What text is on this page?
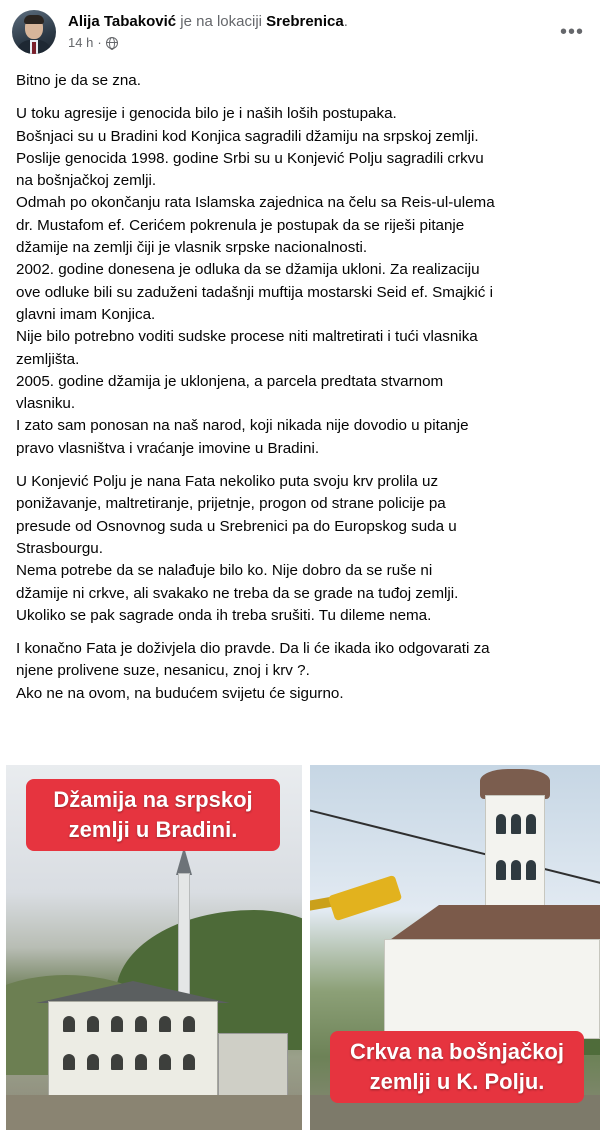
Alija Tabaković je na lokaciji Srebrenica.
14 h ·	•••

Bitno je da se zna.

U toku agresije i genocida bilo je i naših loših postupaka.
Bošnjaci su u Bradini kod Konjica sagradili džamiju na srpskoj zemlji.
Poslije genocida 1998. godine Srbi su u Konjević Polju sagradili crkvu
na bošnjačkoj zemlji.
Odmah po okončanju rata Islamska zajednica na čelu sa Reis-ul-ulema
dr. Mustafom ef. Cerićem pokrenula je postupak da se riješi pitanje
džamije na zemlji čiji je vlasnik srpske nacionalnosti.
2002. godine donesena je odluka da se džamija ukloni. Za realizaciju
ove odluke bili su zaduženi tadašnji muftija mostarski Seid ef. Smajkić i
glavni imam Konjica.
Nije bilo potrebno voditi sudske procese niti maltretirati i tući vlasnika
zemljišta.
2005. godine džamija je uklonjena, a parcela predtata stvarnom
vlasniku.
I zato sam ponosan na naš narod, koji nikada nije dovodio u pitanje
pravo vlasništva i vraćanje imovine u Bradini.

U Konjević Polju je nana Fata nekoliko puta svoju krv prolila uz
ponižavanje, maltretiranje, prijetnje, progon od strane policije pa
presude od Osnovnog suda u Srebrenici pa do Europskog suda u
Strasbourgu.
Nema potrebe da se nalađuje bilo ko. Nije dobro da se ruše ni
džamije ni crkve, ali svakako ne treba da se grade na tuđoj zemlji.
Ukoliko se pak sagrade onda ih treba srušiti. Tu dileme nema.

I konačno Fata je doživjela dio pravde. Da li će ikada iko odgovarati za
njene prolivene suze, nesanicu, znoj i krv ?.
Ako ne na ovom, na budućem svijetu će sigurno.

Džamija na srpskoj
zemlji u Bradini.
Crkva na bošnjačkoj
zemlji u K. Polju.
